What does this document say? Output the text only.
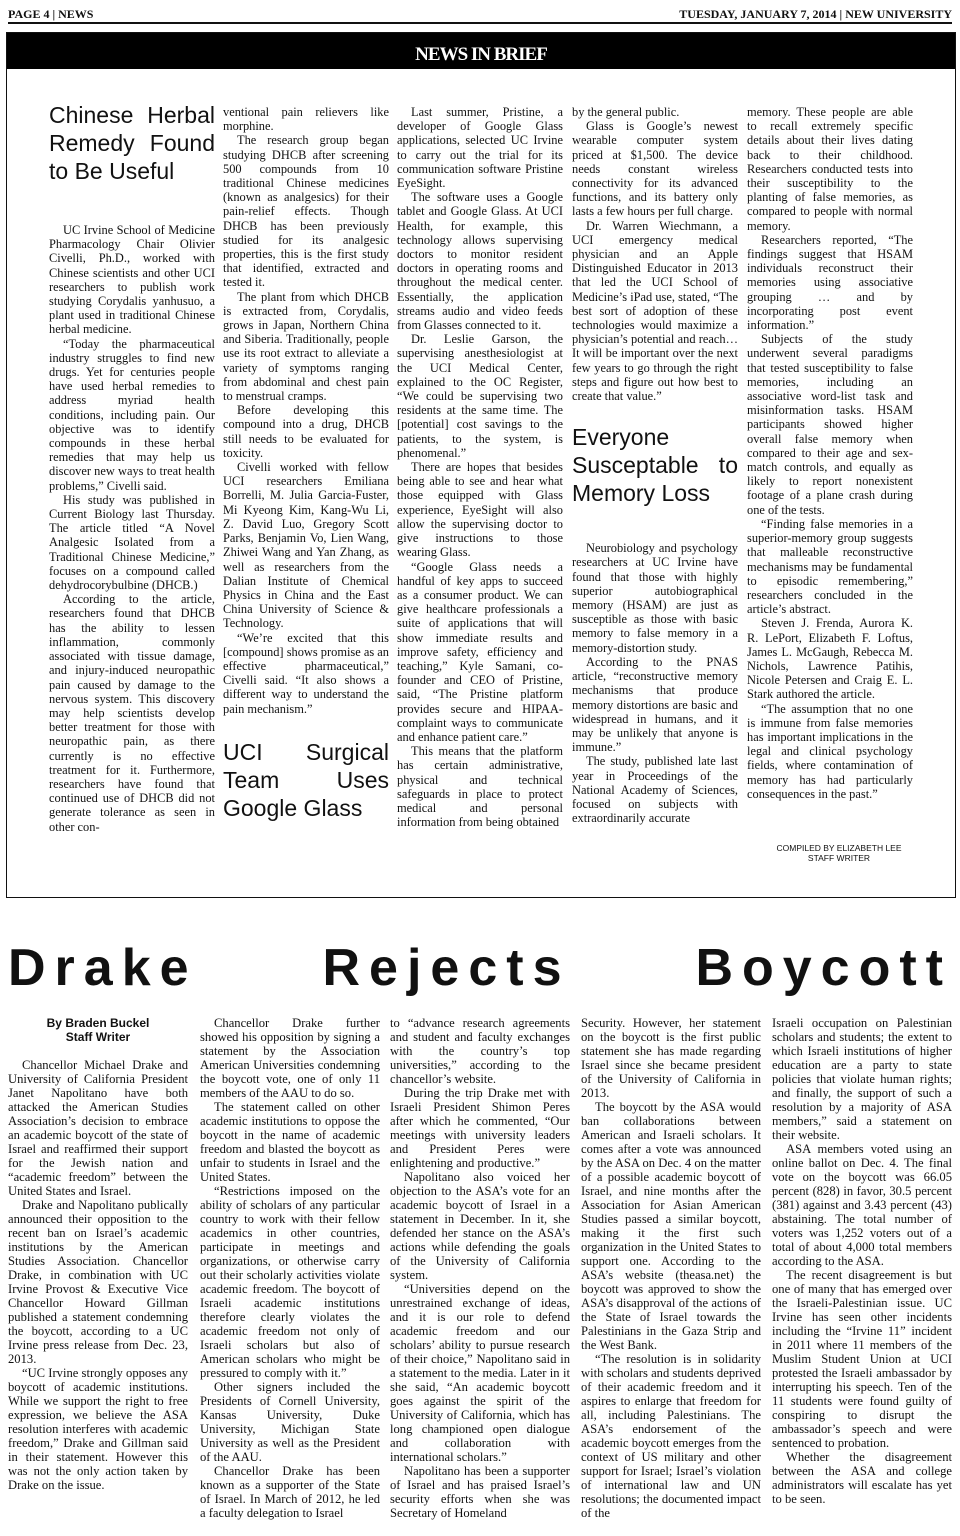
PAGE 4 | NEWS	TUESDAY, JANUARY 7, 2014 | NEW UNIVERSITY
NEWS IN BRIEF
Chinese Herbal Remedy Found to Be Useful

UC Irvine School of Medicine Pharmacology Chair Olivier Civelli, Ph.D., worked with Chinese scientists and other UCI researchers to publish work studying Corydalis yanhusuo, a plant used in traditional Chinese herbal medicine.

“Today the pharmaceutical industry struggles to find new drugs. Yet for centuries people have used herbal remedies to address myriad health conditions, including pain. Our objective was to identify compounds in these herbal remedies that may help us discover new ways to treat health problems,” Civelli said.

His study was published in Current Biology last Thursday. The article titled “A Novel Analgesic Isolated from a Traditional Chinese Medicine,” focuses on a compound called dehydrocorybulbine (DHCB.)

According to the article, researchers found that DHCB has the ability to lessen inflammation, commonly associated with tissue damage, and injury-induced neuropathic pain caused by damage to the nervous system. This discovery may help scientists develop better treatment for those with neuropathic pain, as there currently is no effective treatment for it. Furthermore, researchers have found that continued use of DHCB did not generate tolerance as seen in other con-

ventional pain relievers like morphine.

The research group began studying DHCB after screening 500 compounds from 10 traditional Chinese medicines (known as analgesics) for their pain-relief effects. Though DHCB has been previously studied for its analgesic properties, this is the first study that identified, extracted and tested it.

The plant from which DHCB is extracted from, Corydalis, grows in Japan, Northern China and Siberia. Traditionally, people use its root extract to alleviate a variety of symptoms ranging from abdominal and chest pain to menstrual cramps.

Before developing this compound into a drug, DHCB still needs to be evaluated for toxicity.

Civelli worked with fellow UCI researchers Emiliana Borrelli, M. Julia Garcia-Fuster, Mi Kyeong Kim, Kang-Wu Li, Z. David Luo, Gregory Scott Parks, Benjamin Vo, Lien Wang, Zhiwei Wang and Yan Zhang, as well as researchers from the Dalian Institute of Chemical Physics in China and the East China University of Science & Technology.

“We’re excited that this [compound] shows promise as an effective pharmaceutical,” Civelli said. “It also shows a different way to understand the pain mechanism.”

UCI Surgical Team Uses Google Glass

Last summer, Pristine, a developer of Google Glass applications, selected UC Irvine to carry out the trial for its communication software Pristine EyeSight.

The software uses a Google tablet and Google Glass. At UCI Health, for example, this technology allows supervising doctors to monitor resident doctors in operating rooms and throughout the medical center. Essentially, the application streams audio and video feeds from Glasses connected to it.

Dr. Leslie Garson, the supervising anesthesiologist at the UCI Medical Center, explained to the OC Register, “We could be supervising two residents at the same time. The [potential] cost savings to the patients, to the system, is phenomenal.”

There are hopes that besides being able to see and hear what those equipped with Glass experience, EyeSight will also allow the supervising doctor to give instructions to those wearing Glass.

“Google Glass needs a handful of key apps to succeed as a consumer product. We can give healthcare professionals a suite of applications that will show immediate results and improve safety, efficiency and teaching,” Kyle Samani, co-founder and CEO of Pristine, said, “The Pristine platform provides secure and HIPAA-complaint ways to communicate and enhance patient care.”

This means that the platform has certain administrative, physical and technical safeguards in place to protect medical and personal information from being obtained

by the general public.

Glass is Google’s newest wearable computer system priced at $1,500. The device needs constant wireless connectivity for its advanced functions, and its battery only lasts a few hours per full charge.

Dr. Warren Wiechmann, a UCI emergency medical physician and an Apple Distinguished Educator in 2013 that led the UCI School of Medicine’s iPad use, stated, “The best sort of adoption of these technologies would maximize a physician’s potential and reach…It will be important over the next few years to go through the right steps and figure out how best to create that value.”

Everyone Susceptable to Memory Loss

Neurobiology and psychology researchers at UC Irvine have found that those with highly superior autobiographical memory (HSAM) are just as susceptible as those with basic memory to false memory in a memory-distortion study.

According to the PNAS article, “reconstructive memory mechanisms that produce memory distortions are basic and widespread in humans, and it may be unlikely that anyone is immune.”

The study, published late last year in Proceedings of the National Academy of Sciences, focused on subjects with extraordinarily accurate

memory. These people are able to recall extremely specific details about their lives dating back to their childhood. Researchers conducted tests into their susceptibility to the planting of false memories, as compared to people with normal memory.

Researchers reported, “The findings suggest that HSAM individuals reconstruct their memories using associative grouping … and by incorporating post event information.”

Subjects of the study underwent several paradigms that tested susceptibility to false memories, including an associative word-list task and misinformation tasks. HSAM participants showed higher overall false memory when compared to their age and sex-match controls, and equally as likely to report nonexistent footage of a plane crash during one of the tests.

“Finding false memories in a superior-memory group suggests that malleable reconstructive mechanisms may be fundamental to episodic remembering,” researchers concluded in the article’s abstract.

Steven J. Frenda, Aurora K. R. LePort, Elizabeth F. Loftus, James L. McGaugh, Rebecca M. Nichols, Lawrence Patihis, Nicole Petersen and Craig E. L. Stark authored the article.

“The assumption that no one is immune from false memories has important implications in the legal and clinical psychology fields, where contamination of memory has had particularly consequences in the past.”

COMPILED BY ELIZABETH LEE
STAFF WRITER
Drake Rejects Boycott
By Braden Buckel
Staff Writer

Chancellor Michael Drake and University of California President Janet Napolitano have both attacked the American Studies Association’s decision to embrace an academic boycott of the state of Israel and reaffirmed their support for the Jewish nation and “academic freedom” between the United States and Israel.

Drake and Napolitano publically announced their opposition to the recent ban on Israel’s academic institutions by the American Studies Association. Chancellor Drake, in combination with UC Irvine Provost & Executive Vice Chancellor Howard Gillman published a statement condemning the boycott, according to a UC Irvine press release from Dec. 23, 2013.

“UC Irvine strongly opposes any boycott of academic institutions. While we support the right to free expression, we believe the ASA resolution interferes with academic freedom,” Drake and Gillman said in their statement. However this was not the only action taken by Drake on the issue.

Chancellor Drake further showed his opposition by signing a statement by the Association American Universities condemning the boycott vote, one of only 11 members of the AAU to do so.

The statement called on other academic institutions to oppose the boycott in the name of academic freedom and blasted the boycott as unfair to students in Israel and the United States.

“Restrictions imposed on the ability of scholars of any particular country to work with their fellow academics in other countries, participate in meetings and organizations, or otherwise carry out their scholarly activities violate academic freedom. The boycott of Israeli academic institutions therefore clearly violates the academic freedom not only of Israeli scholars but also of American scholars who might be pressured to comply with it.”

Other signers included the Presidents of Cornell University, Kansas University, Duke University, Michigan State University as well as the President of the AAU.

Chancellor Drake has been known as a supporter of the State of Israel. In March of 2012, he led a faculty delegation to Israel

to “advance research agreements and student and faculty exchanges with the country’s top universities,” according to the chancellor’s website.

During the trip Drake met with Israeli President Shimon Peres after which he commented, “Our meetings with university leaders and President Peres were enlightening and productive.”

Napolitano also voiced her objection to the ASA’s vote for an academic boycott of Israel in a statement in December. In it, she defended her stance on the ASA’s actions while defending the goals of the University of California system.

“Universities depend on the unrestrained exchange of ideas, and it is our role to defend academic freedom and our scholars’ ability to pursue research of their choice,” Napolitano said in a statement to the media. Later in it she said, “An academic boycott goes against the spirit of the University of California, which has long championed open dialogue and collaboration with international scholars.”

Napolitano has been a supporter of Israel and has praised Israel’s security efforts when she was Secretary of Homeland

Security. However, her statement on the boycott is the first public statement she has made regarding Israel since she became president of the University of California in 2013.

The boycott by the ASA would ban collaborations between American and Israeli scholars. It comes after a vote was announced by the ASA on Dec. 4 on the matter of a possible academic boycott of Israel, and nine months after the Association for Asian American Studies passed a similar boycott, making it the first such organization in the United States to support one. According to the ASA’s website (theasa.net) the boycott was approved to show the ASA’s disapproval of the actions of the State of Israel towards the Palestinians in the Gaza Strip and the West Bank.

“The resolution is in solidarity with scholars and students deprived of their academic freedom and it aspires to enlarge that freedom for all, including Palestinians. The ASA’s endorsement of the academic boycott emerges from the context of US military and other support for Israel; Israel’s violation of international law and UN resolutions; the documented impact of the

Israeli occupation on Palestinian scholars and students; the extent to which Israeli institutions of higher education are a party to state policies that violate human rights; and finally, the support of such a resolution by a majority of ASA members,” said a statement on their website.

ASA members voted using an online ballot on Dec. 4. The final vote on the boycott was 66.05 percent (828) in favor, 30.5 percent (381) against and 3.43 percent (43) abstaining. The total number of voters was 1,252 voters out of a total of about 4,000 total members according to the ASA.

The recent disagreement is but one of many that has emerged over the Israeli-Palestinian issue. UC Irvine has seen other incidents including the “Irvine 11” incident in 2011 where 11 members of the Muslim Student Union at UCI protested the Israeli ambassador by interrupting his speech. Ten of the 11 students were found guilty of conspiring to disrupt the ambassador’s speech and were sentenced to probation.

Whether the disagreement between the ASA and college administrators will escalate has yet to be seen.
